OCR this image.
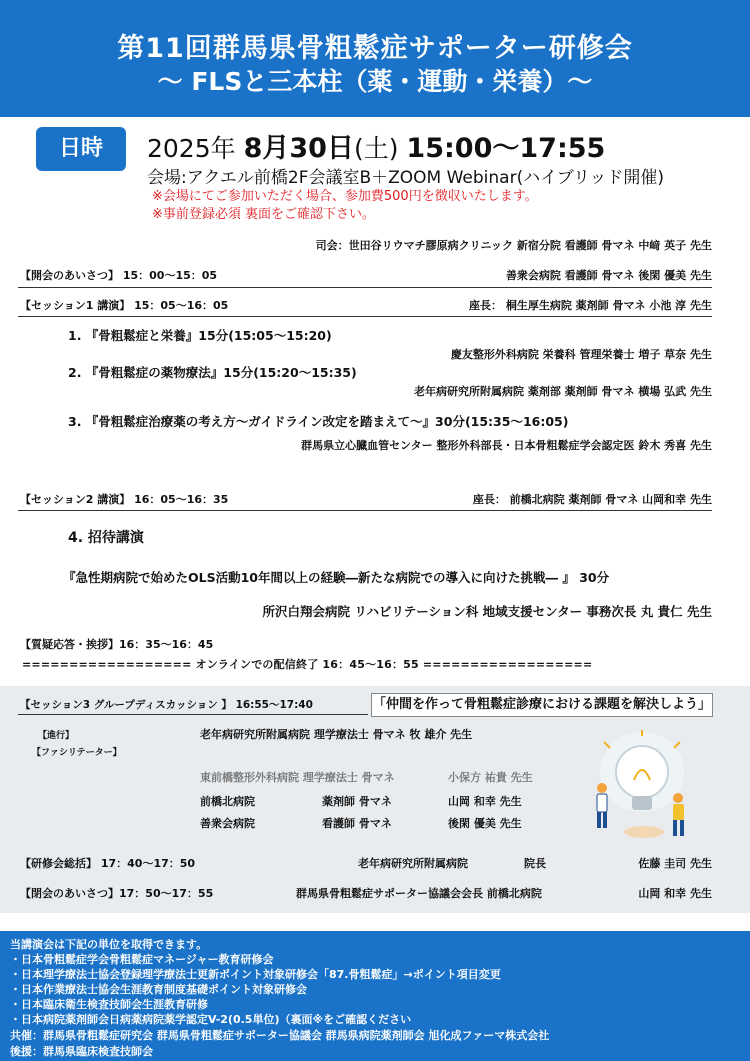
第11回群馬県骨粗鬆症サポーター研修会
～ FLSと三本柱（薬・運動・栄養）～
日時	2025年 8月30日(土) 15:00～17:55
会場:アクエル前橋2F会議室B＋ZOOM Webinar(ハイブリッド開催)
※会場にてご参加いただく場合、参加費500円を徴収いたします。
※事前登録必須 裏面をご確認下さい。
司会：世田谷リウマチ膠原病クリニック 新宿分院 看護師 骨マネ 中﨑 英子 先生
【開会のあいさつ】 15：00～15：05	善衆会病院 看護師 骨マネ 後閑 優美 先生
【セッション1 講演】 15：05～16：05	座長： 桐生厚生病院 薬剤師 骨マネ 小池 淳 先生
1. 『骨粗鬆症と栄養』15分(15:05～15:20)
慶友整形外科病院 栄養科 管理栄養士 増子 草奈 先生
2. 『骨粗鬆症の薬物療法』15分(15:20～15:35)
老年病研究所附属病院 薬剤部 薬剤師 骨マネ 横場 弘武 先生
3. 『骨粗鬆症治療薬の考え方～ガイドライン改定を踏まえて～』30分(15:35～16:05)
群馬県立心臓血管センター 整形外科部長・日本骨粗鬆症学会認定医 鈴木 秀喜 先生
【セッション2 講演】 16：05～16：35	座長： 前橋北病院 薬剤師 骨マネ 山岡和幸 先生
4. 招待講演
『急性期病院で始めたOLS活動10年間以上の経験―新たな病院での導入に向けた挑戦― 』 30分
所沢白翔会病院 リハビリテーション科 地域支援センター 事務次長 丸 貴仁 先生
【質疑応答・挨拶】16：35～16：45
================== オンラインでの配信終了 16：45～16：55 ==================
【セッション3 グループディスカッション 】 16:55～17:40	「仲間を作って骨粗鬆症診療における課題を解決しよう」
【進行】	老年病研究所附属病院 理学療法士 骨マネ 牧 雄介 先生
【ファシリテーター】
東前橋整形外科病院 理学療法士 骨マネ	小保方 祐貴 先生
前橋北病院	薬剤師 骨マネ	山岡 和幸 先生
善衆会病院	看護師 骨マネ	後閑 優美 先生
【研修会総括】 17：40～17：50	老年病研究所附属病院	院長	佐藤 圭司 先生
【閉会のあいさつ】17：50～17：55	群馬県骨粗鬆症サポーター協議会会長 前橋北病院	山岡 和幸 先生
当講演会は下記の単位を取得できます。
・日本骨粗鬆症学会骨粗鬆症マネージャー教育研修会
・日本理学療法士協会登録理学療法士更新ポイント対象研修会「87.骨粗鬆症」→ポイント項目変更
・日本作業療法士協会生涯教育制度基礎ポイント対象研修会
・日本臨床衛生検査技師会生涯教育研修
・日本病院薬剤師会日病薬病院薬学認定V-2(0.5単位)（裏面※をご確認ください
共催：群馬県骨粗鬆症研究会 群馬県骨粗鬆症サポーター協議会 群馬県病院薬剤師会 旭化成ファーマ株式会社
後援：群馬県臨床検査技師会
